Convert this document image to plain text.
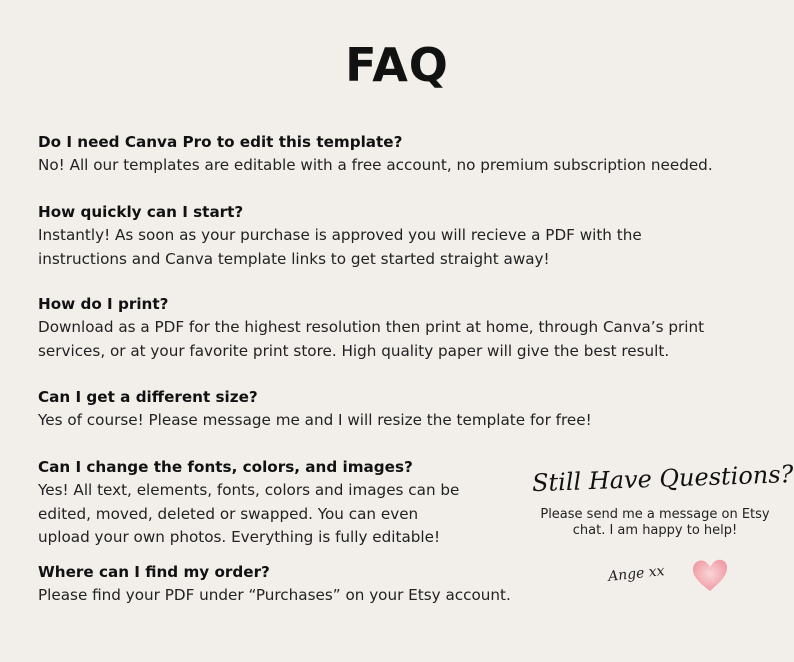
FAQ
Do I need Canva Pro to edit this template?
No! All our templates are editable with a free account, no premium subscription needed.
How quickly can I start?
Instantly! As soon as your purchase is approved you will recieve a PDF with the
instructions and Canva template links to get started straight away!
How do I print?
Download as a PDF for the highest resolution then print at home, through Canva’s print
services, or at your favorite print store. High quality paper will give the best result.
Can I get a different size?
Yes of course! Please message me and I will resize the template for free!
Can I change the fonts, colors, and images?
Yes! All text, elements, fonts, colors and images can be
edited, moved, deleted or swapped. You can even
upload your own photos. Everything is fully editable!
Where can I find my order?
Please find your PDF under “Purchases” on your Etsy account.
Still Have Questions?
Please send me a message on Etsy chat. I am happy to help!
Ange xx
